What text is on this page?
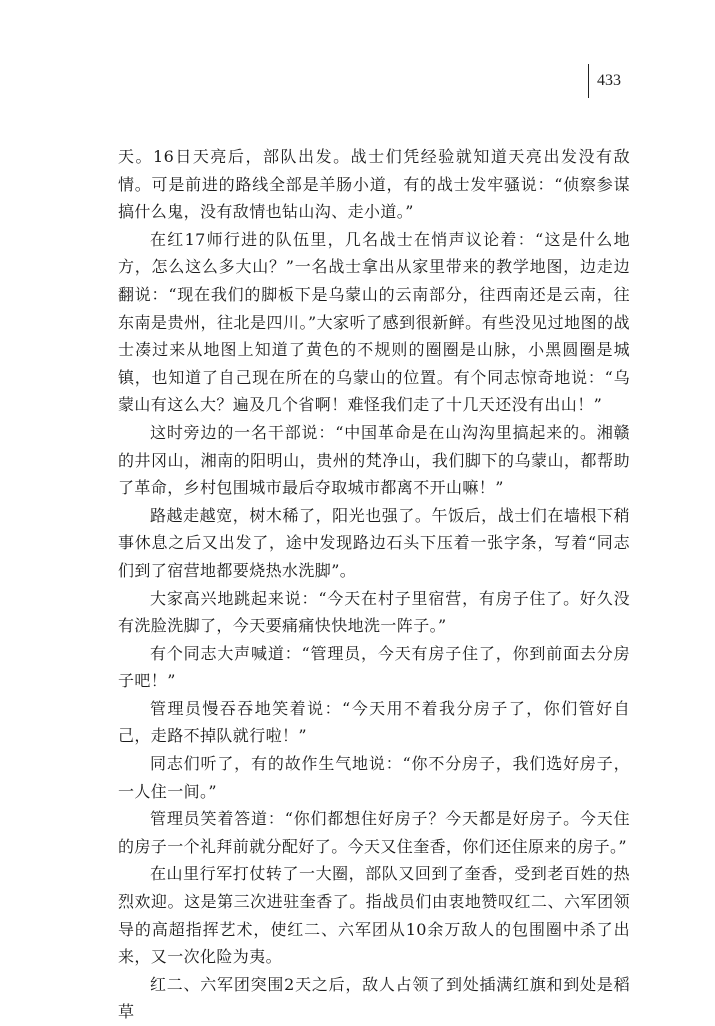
433

天。16日天亮后，部队出发。战士们凭经验就知道天亮出发没有敌情。可是前进的路线全部是羊肠小道，有的战士发牢骚说：“侦察参谋搞什么鬼，没有敌情也钻山沟、走小道。”

在红17师行进的队伍里，几名战士在悄声议论着：“这是什么地方，怎么这么多大山？”一名战士拿出从家里带来的教学地图，边走边翻说：“现在我们的脚板下是乌蒙山的云南部分，往西南还是云南，往东南是贵州，往北是四川。”大家听了感到很新鲜。有些没见过地图的战士凑过来从地图上知道了黄色的不规则的圈圈是山脉，小黑圆圈是城镇，也知道了自己现在所在的乌蒙山的位置。有个同志惊奇地说：“乌蒙山有这么大？遍及几个省啊！难怪我们走了十几天还没有出山！”

这时旁边的一名干部说：“中国革命是在山沟沟里搞起来的。湘赣的井冈山，湘南的阳明山，贵州的梵净山，我们脚下的乌蒙山，都帮助了革命，乡村包围城市最后夺取城市都离不开山嘛！”

路越走越宽，树木稀了，阳光也强了。午饭后，战士们在墙根下稍事休息之后又出发了，途中发现路边石头下压着一张字条，写着“同志们到了宿营地都要烧热水洗脚”。

大家高兴地跳起来说：“今天在村子里宿营，有房子住了。好久没有洗脸洗脚了，今天要痛痛快快地洗一阵子。”

有个同志大声喊道：“管理员，今天有房子住了，你到前面去分房子吧！”

管理员慢吞吞地笑着说：“今天用不着我分房子了，你们管好自己，走路不掉队就行啦！”

同志们听了，有的故作生气地说：“你不分房子，我们选好房子，一人住一间。”

管理员笑着答道：“你们都想住好房子？今天都是好房子。今天住的房子一个礼拜前就分配好了。今天又住奎香，你们还住原来的房子。”

在山里行军打仗转了一大圈，部队又回到了奎香，受到老百姓的热烈欢迎。这是第三次进驻奎香了。指战员们由衷地赞叹红二、六军团领导的高超指挥艺术，使红二、六军团从10余万敌人的包围圈中杀了出来，又一次化险为夷。

红二、六军团突围2天之后，敌人占领了到处插满红旗和到处是稻草
